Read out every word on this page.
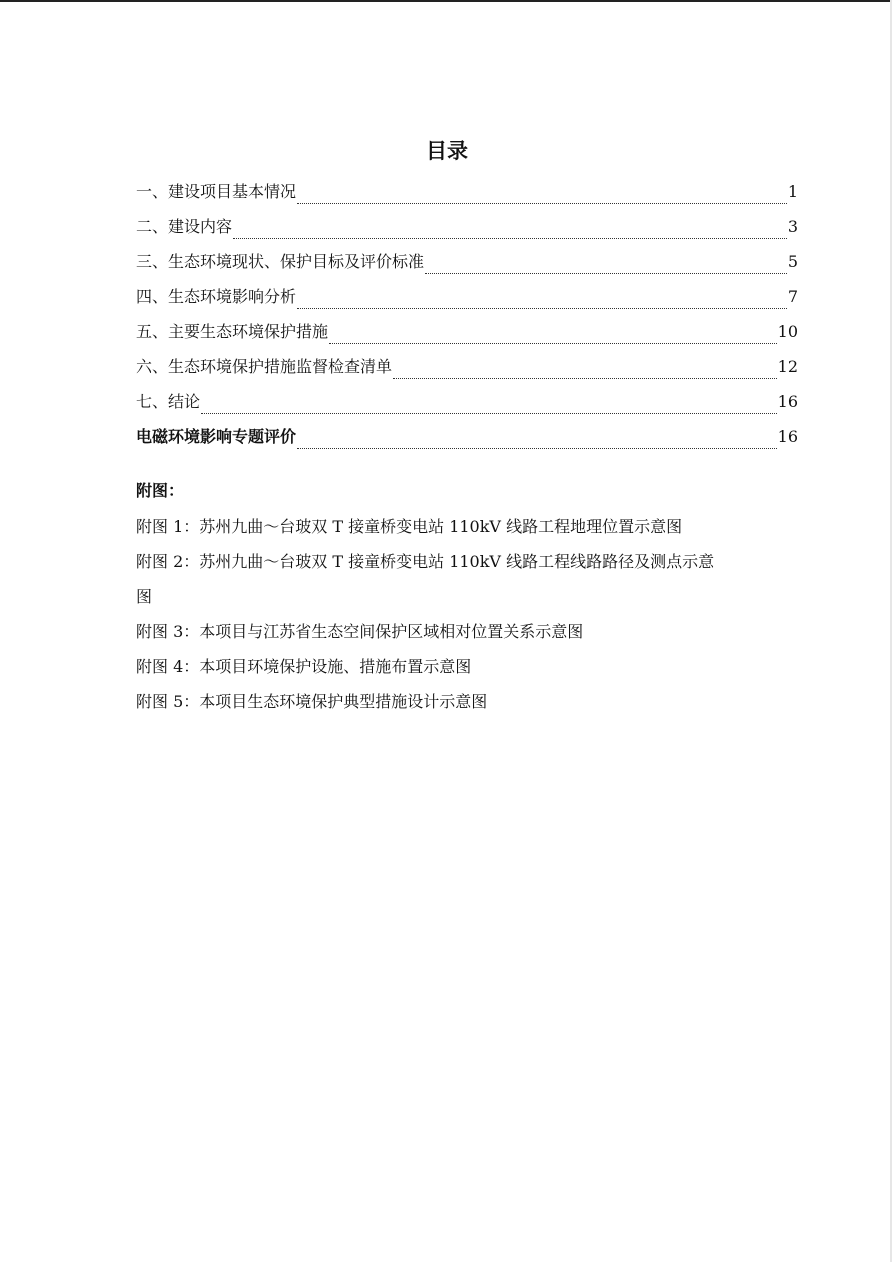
目录
一、建设项目基本情况	1
二、建设内容	3
三、生态环境现状、保护目标及评价标准	5
四、生态环境影响分析	7
五、主要生态环境保护措施	10
六、生态环境保护措施监督检查清单	12
七、结论	16
电磁环境影响专题评价	16
附图：
附图 1：苏州九曲～台玻双 T 接童桥变电站 110kV 线路工程地理位置示意图
附图 2：苏州九曲～台玻双 T 接童桥变电站 110kV 线路工程线路路径及测点示意
图
附图 3：本项目与江苏省生态空间保护区域相对位置关系示意图
附图 4：本项目环境保护设施、措施布置示意图
附图 5：本项目生态环境保护典型措施设计示意图
